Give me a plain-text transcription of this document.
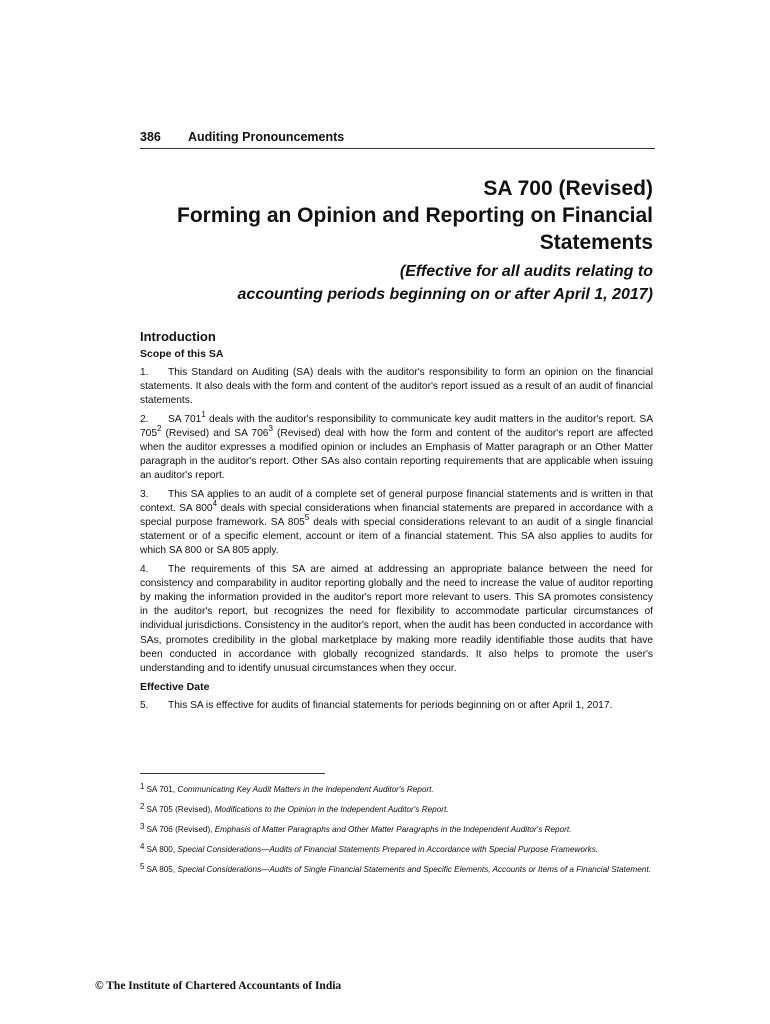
386 Auditing Pronouncements
SA 700 (Revised)
Forming an Opinion and Reporting on Financial
Statements
(Effective for all audits relating to
accounting periods beginning on or after April 1, 2017)
Introduction
Scope of this SA

1. This Standard on Auditing (SA) deals with the auditor's responsibility to form an opinion on the financial statements. It also deals with the form and content of the auditor's report issued as a result of an audit of financial statements.

2. SA $701^1$ deals with the auditor's responsibility to communicate key audit matters in the auditor's report. SA $705^2$ (Revised) and SA $706^3$ (Revised) deal with how the form and content of the auditor's report are affected when the auditor expresses a modified opinion or includes an Emphasis of Matter paragraph or an Other Matter paragraph in the auditor's report. Other SAs also contain reporting requirements that are applicable when issuing an auditor's report.

3. This SA applies to an audit of a complete set of general purpose financial statements and is written in that context. SA $800^4$ deals with special considerations when financial statements are prepared in accordance with a special purpose framework. SA $805^5$ deals with special considerations relevant to an audit of a single financial statement or of a specific element, account or item of a financial statement. This SA also applies to audits for which SA 800 or SA 805 apply.

4. The requirements of this SA are aimed at addressing an appropriate balance between the need for consistency and comparability in auditor reporting globally and the need to increase the value of auditor reporting by making the information provided in the auditor's report more relevant to users. This SA promotes consistency in the auditor's report, but recognizes the need for flexibility to accommodate particular circumstances of individual jurisdictions. Consistency in the auditor's report, when the audit has been conducted in accordance with SAs, promotes credibility in the global marketplace by making more readily identifiable those audits that have been conducted in accordance with globally recognized standards. It also helps to promote the user's understanding and to identify unusual circumstances when they occur.

Effective Date

5. This SA is effective for audits of financial statements for periods beginning on or after April 1, 2017.

1 SA 701, Communicating Key Audit Matters in the Independent Auditor's Report.
2 SA 705 (Revised), Modifications to the Opinion in the Independent Auditor's Report.
3 SA 706 (Revised), Emphasis of Matter Paragraphs and Other Matter Paragraphs in the Independent Auditor's Report.
4 SA 800, Special Considerations—Audits of Financial Statements Prepared in Accordance with Special Purpose Frameworks.
5 SA 805, Special Considerations—Audits of Single Financial Statements and Specific Elements, Accounts or Items of a Financial Statement.
© The Institute of Chartered Accountants of India
